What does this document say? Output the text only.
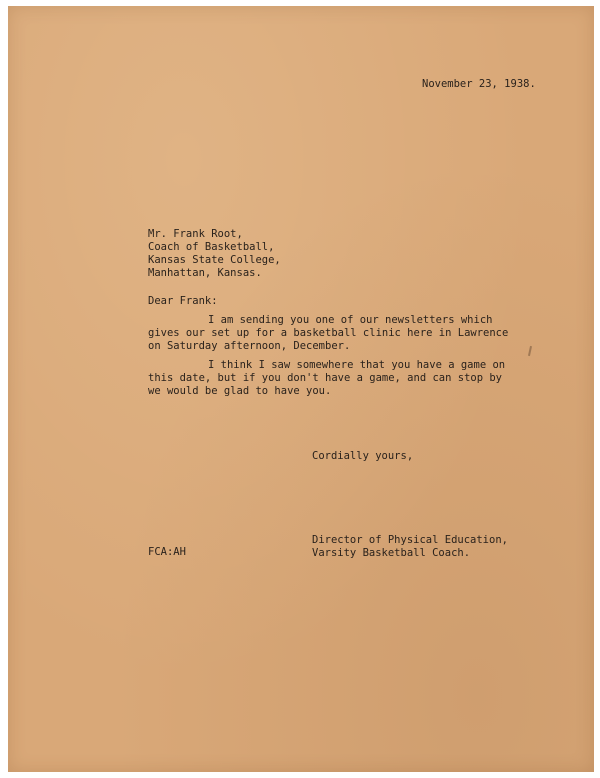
November 23, 1938.
Mr. Frank Root,
Coach of Basketball,
Kansas State College,
Manhattan, Kansas.
Dear Frank:
I am sending you one of our newsletters which
gives our set up for a basketball clinic here in Lawrence
on Saturday afternoon, December.
I think I saw somewhere that you have a game on
this date, but if you don't have a game, and can stop by
we would be glad to have you.
Cordially yours,
Director of Physical Education,
Varsity Basketball Coach.
FCA:AH
